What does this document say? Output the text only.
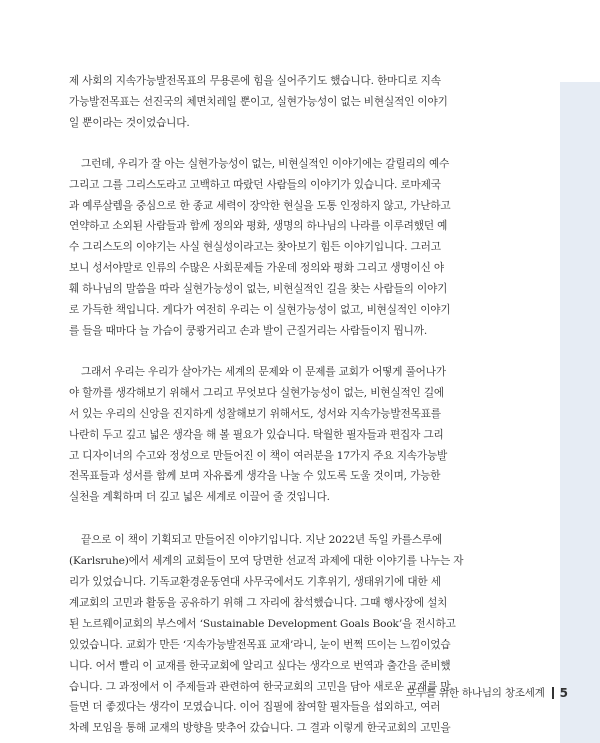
제 사회의 지속가능발전목표의 무용론에 힘을 실어주기도 했습니다. 한마디로 지속
가능발전목표는 선진국의 체면치레일 뿐이고, 실현가능성이 없는 비현실적인 이야기
일 뿐이라는 것이었습니다.

그런데, 우리가 잘 아는 실현가능성이 없는, 비현실적인 이야기에는 갈릴리의 예수
그리고 그를 그리스도라고 고백하고 따랐던 사람들의 이야기가 있습니다. 로마제국
과 예루살렘을 중심으로 한 종교 세력이 장악한 현실을 도통 인정하지 않고, 가난하고
연약하고 소외된 사람들과 함께 정의와 평화, 생명의 하나님의 나라를 이루려했던 예
수 그리스도의 이야기는 사실 현실성이라고는 찾아보기 힘든 이야기입니다. 그러고
보니 성서야말로 인류의 수많은 사회문제들 가운데 정의와 평화 그리고 생명이신 야
훼 하나님의 말씀을 따라 실현가능성이 없는, 비현실적인 길을 찾는 사람들의 이야기
로 가득한 책입니다. 게다가 여전히 우리는 이 실현가능성이 없고, 비현실적인 이야기
를 들을 때마다 늘 가슴이 쿵쾅거리고 손과 발이 근질거리는 사람들이지 뭡니까.

그래서 우리는 우리가 살아가는 세계의 문제와 이 문제를 교회가 어떻게 풀어나가
야 할까를 생각해보기 위해서 그리고 무엇보다 실현가능성이 없는, 비현실적인 길에
서 있는 우리의 신앙을 진지하게 성찰해보기 위해서도, 성서와 지속가능발전목표를
나란히 두고 깊고 넓은 생각을 해 볼 필요가 있습니다. 탁월한 필자들과 편집자 그리
고 디자이너의 수고와 정성으로 만들어진 이 책이 여러분을 17가지 주요 지속가능발
전목표들과 성서를 함께 보며 자유롭게 생각을 나눌 수 있도록 도울 것이며, 가능한
실천을 계획하며 더 깊고 넓은 세계로 이끌어 줄 것입니다.

끝으로 이 책이 기획되고 만들어진 이야기입니다. 지난 2022년 독일 카를스루에
(Karlsruhe)에서 세계의 교회들이 모여 당면한 선교적 과제에 대한 이야기를 나누는 자
리가 있었습니다. 기독교환경운동연대 사무국에서도 기후위기, 생태위기에 대한 세
계교회의 고민과 활동을 공유하기 위해 그 자리에 참석했습니다. 그때 행사장에 설치
된 노르웨이교회의 부스에서 ‘Sustainable Development Goals Book’을 전시하고
있었습니다. 교회가 만든 ‘지속가능발전목표 교재’라니, 눈이 번쩍 뜨이는 느낌이었습
니다. 어서 빨리 이 교재를 한국교회에 알리고 싶다는 생각으로 번역과 출간을 준비했
습니다. 그 과정에서 이 주제들과 관련하여 한국교회의 고민을 담아 새로운 교재를 만
들면 더 좋겠다는 생각이 모였습니다. 이어 집필에 참여할 필자들을 섭외하고, 여러
차례 모임을 통해 교재의 방향을 맞추어 갔습니다. 그 결과 이렇게 한국교회의 고민을

모두를 위한 하나님의 창조세계 5
